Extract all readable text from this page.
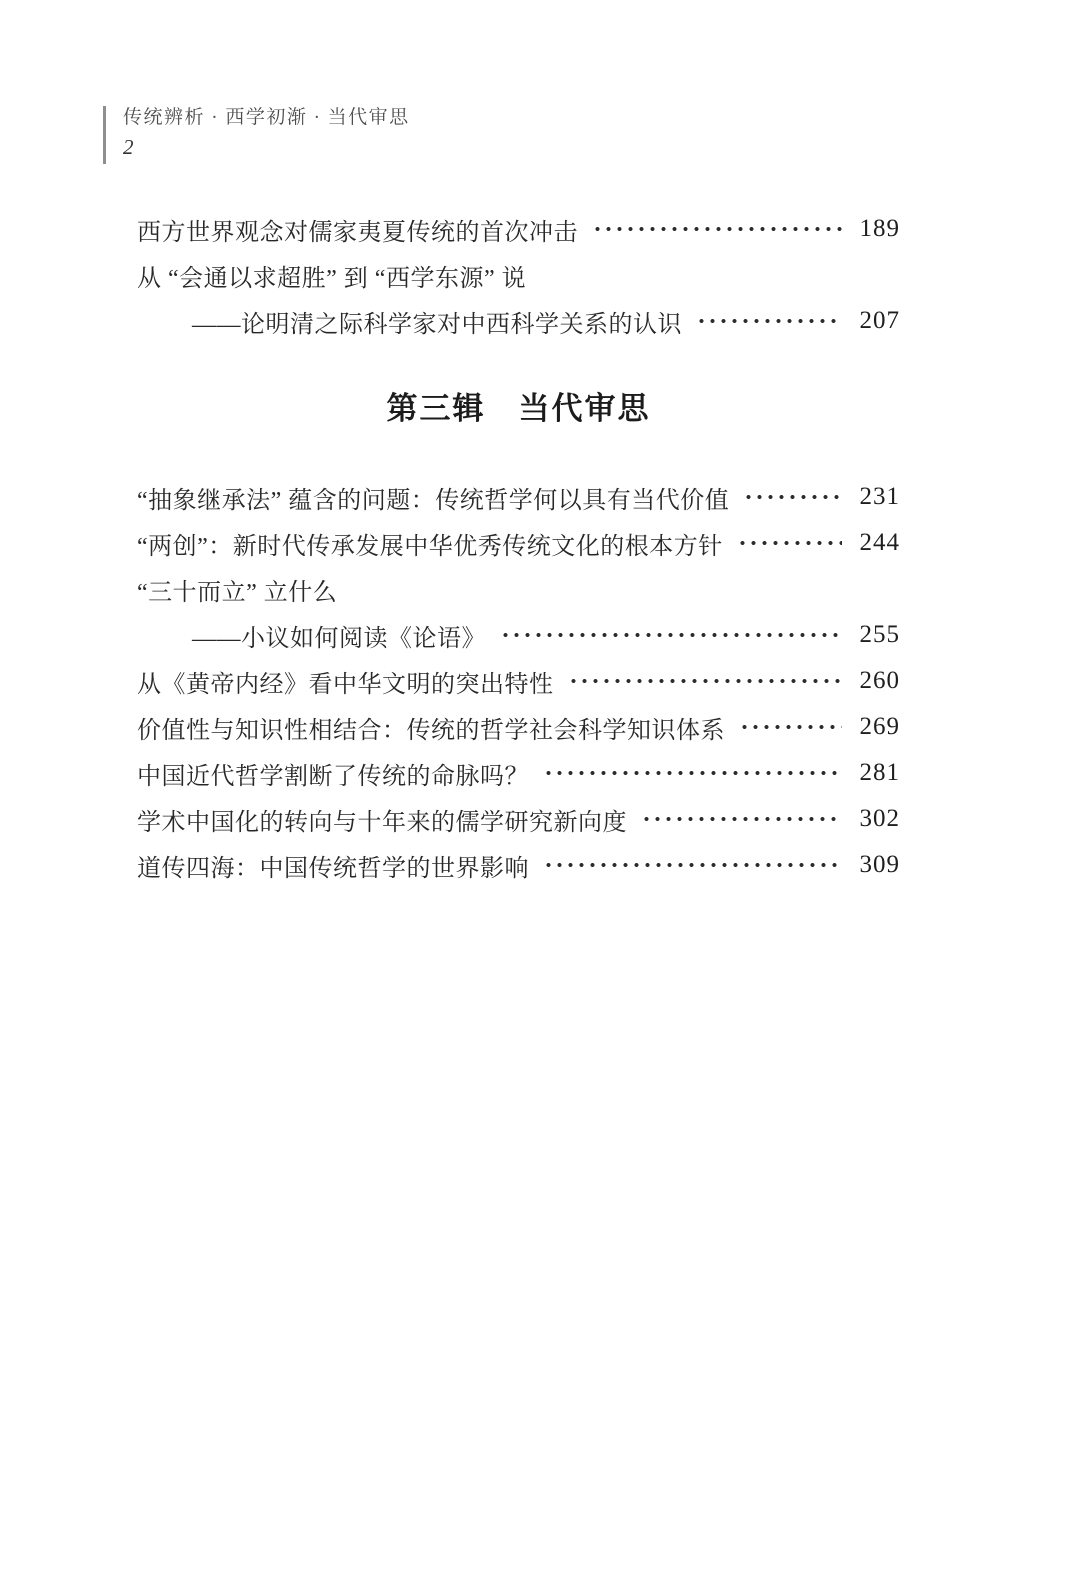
传统辨析 · 西学初渐 · 当代审思
2
西方世界观念对儒家夷夏传统的首次冲击	189
从 “会通以求超胜” 到 “西学东源” 说
——论明清之际科学家对中西科学关系的认识	207
第三辑　当代审思
“抽象继承法” 蕴含的问题：传统哲学何以具有当代价值	231
“两创”：新时代传承发展中华优秀传统文化的根本方针	244
“三十而立” 立什么
——小议如何阅读《论语》	255
从《黄帝内经》看中华文明的突出特性	260
价值性与知识性相结合：传统的哲学社会科学知识体系	269
中国近代哲学割断了传统的命脉吗？	281
学术中国化的转向与十年来的儒学研究新向度	302
道传四海：中国传统哲学的世界影响	309
